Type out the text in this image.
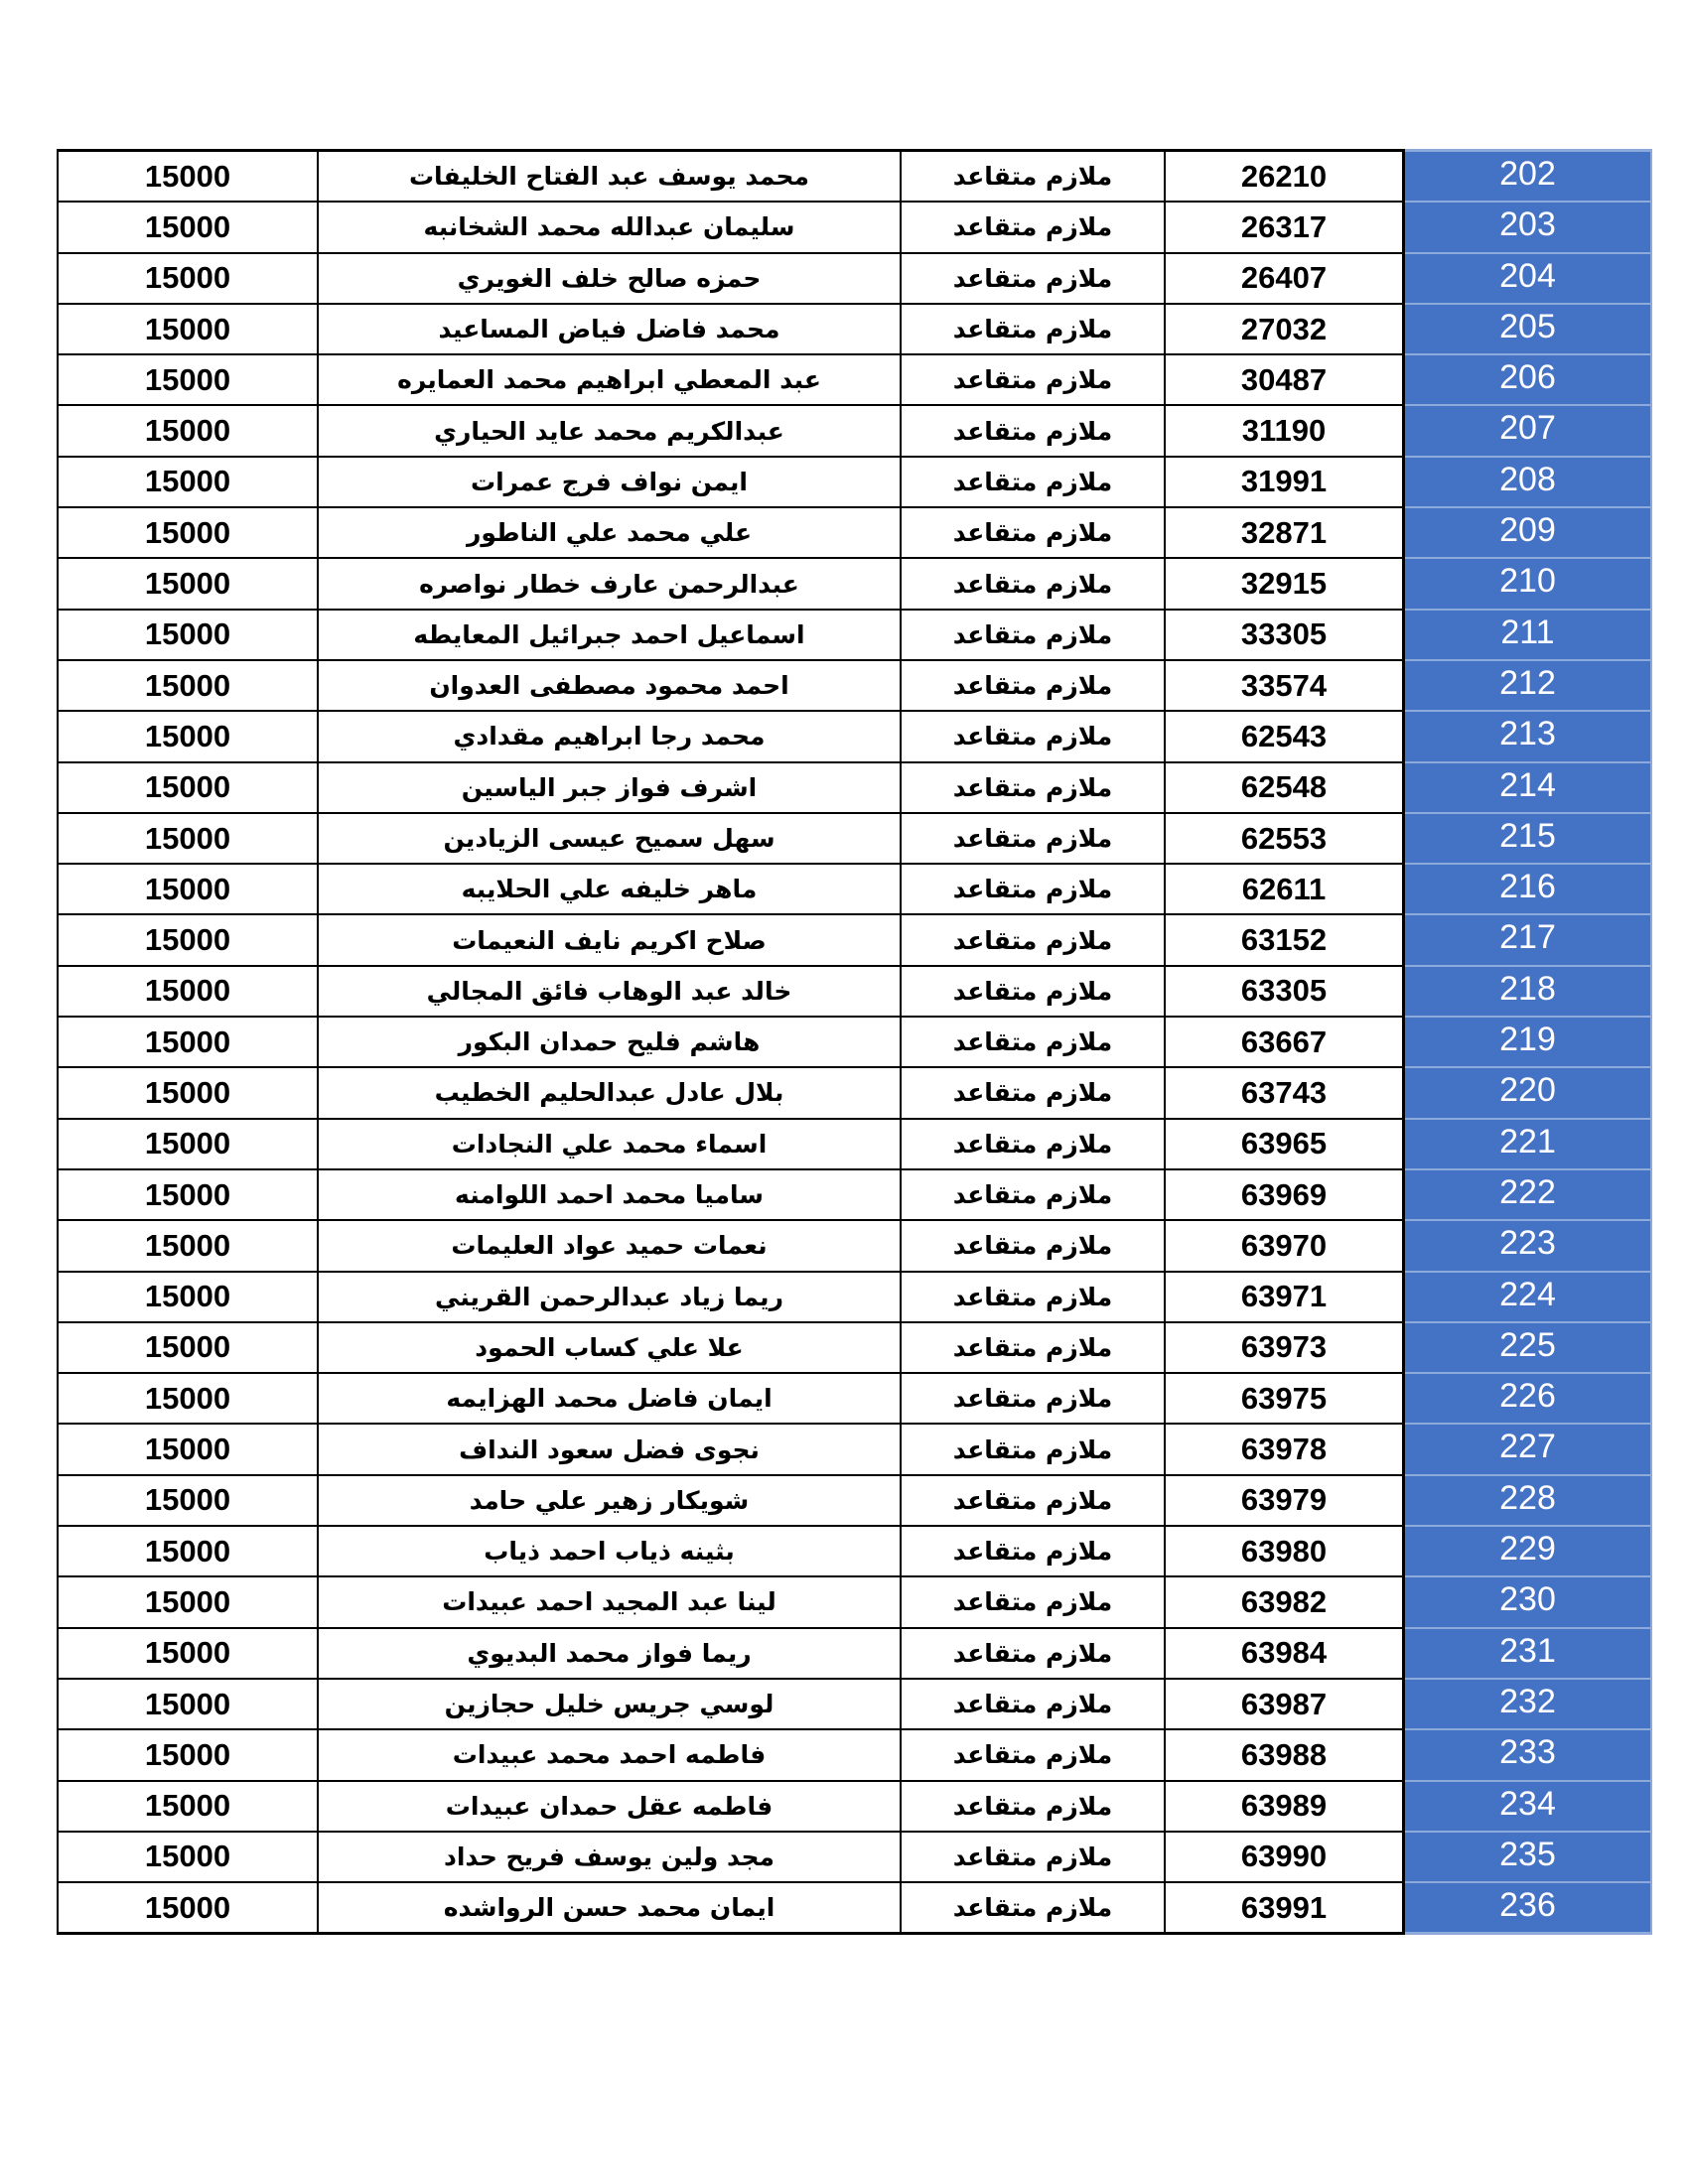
15000	محمد يوسف عبد الفتاح الخليفات	ملازم متقاعد	26210	202
15000	سليمان عبدالله محمد الشخانبه	ملازم متقاعد	26317	203
15000	حمزه صالح خلف الغويري	ملازم متقاعد	26407	204
15000	محمد فاضل فياض المساعيد	ملازم متقاعد	27032	205
15000	عبد المعطي ابراهيم محمد العمايره	ملازم متقاعد	30487	206
15000	عبدالكريم محمد عايد الحياري	ملازم متقاعد	31190	207
15000	ايمن نواف فرج عمرات	ملازم متقاعد	31991	208
15000	علي محمد علي الناطور	ملازم متقاعد	32871	209
15000	عبدالرحمن عارف خطار نواصره	ملازم متقاعد	32915	210
15000	اسماعيل احمد جبرائيل المعايطه	ملازم متقاعد	33305	211
15000	احمد محمود مصطفى العدوان	ملازم متقاعد	33574	212
15000	محمد رجا ابراهيم مقدادي	ملازم متقاعد	62543	213
15000	اشرف فواز جبر الياسين	ملازم متقاعد	62548	214
15000	سهل سميح عيسى الزيادين	ملازم متقاعد	62553	215
15000	ماهر خليفه علي الحلايبه	ملازم متقاعد	62611	216
15000	صلاح اكريم نايف النعيمات	ملازم متقاعد	63152	217
15000	خالد عبد الوهاب فائق المجالي	ملازم متقاعد	63305	218
15000	هاشم فليح حمدان البكور	ملازم متقاعد	63667	219
15000	بلال عادل عبدالحليم الخطيب	ملازم متقاعد	63743	220
15000	اسماء محمد علي النجادات	ملازم متقاعد	63965	221
15000	ساميا محمد احمد اللوامنه	ملازم متقاعد	63969	222
15000	نعمات حميد عواد العليمات	ملازم متقاعد	63970	223
15000	ريما زياد عبدالرحمن القريني	ملازم متقاعد	63971	224
15000	علا علي كساب الحمود	ملازم متقاعد	63973	225
15000	ايمان فاضل محمد الهزايمه	ملازم متقاعد	63975	226
15000	نجوى فضل سعود النداف	ملازم متقاعد	63978	227
15000	شويكار زهير علي حامد	ملازم متقاعد	63979	228
15000	بثينه ذياب احمد ذياب	ملازم متقاعد	63980	229
15000	لينا عبد المجيد احمد عبيدات	ملازم متقاعد	63982	230
15000	ريما فواز محمد البديوي	ملازم متقاعد	63984	231
15000	لوسي جريس خليل حجازين	ملازم متقاعد	63987	232
15000	فاطمه احمد محمد عبيدات	ملازم متقاعد	63988	233
15000	فاطمه عقل حمدان عبيدات	ملازم متقاعد	63989	234
15000	مجد ولين يوسف فريح حداد	ملازم متقاعد	63990	235
15000	ايمان محمد حسن الرواشده	ملازم متقاعد	63991	236
